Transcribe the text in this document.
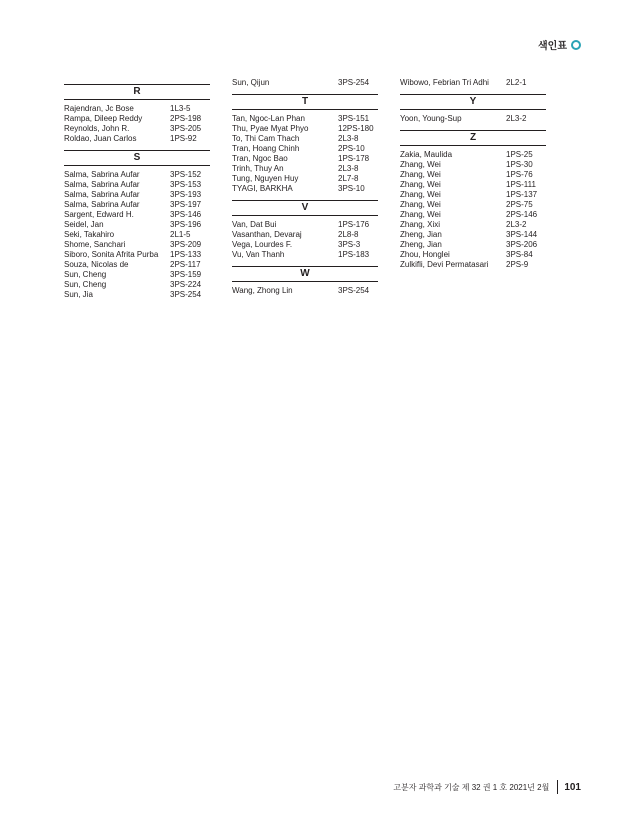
색인표
R
Rajendran, Jc Bose	1L3-5
Rampa, Dileep Reddy	2PS-198
Reynolds, John R.	3PS-205
Roldao, Juan Carlos	1PS-92
S
Salma, Sabrina Aufar	3PS-152
Salma, Sabrina Aufar	3PS-153
Salma, Sabrina Aufar	3PS-193
Salma, Sabrina Aufar	3PS-197
Sargent, Edward H.	3PS-146
Seidel, Jan	3PS-196
Seki, Takahiro	2L1-5
Shome, Sanchari	3PS-209
Siboro, Sonita Afrita Purba	1PS-133
Souza, Nicolas de	2PS-117
Sun, Cheng	3PS-159
Sun, Cheng	3PS-224
Sun, Jia	3PS-254
Sun, Qijun	3PS-254
T
Tan, Ngoc-Lan Phan	3PS-151
Thu, Pyae Myat Phyo	12PS-180
To, Thi Cam Thach	2L3-8
Tran, Hoang Chinh	2PS-10
Tran, Ngoc Bao	1PS-178
Trinh, Thuy An	2L3-8
Tung, Nguyen Huy	2L7-8
TYAGI, BARKHA	3PS-10
V
Van, Dat Bui	1PS-176
Vasanthan, Devaraj	2L8-8
Vega, Lourdes F.	3PS-3
Vu, Van Thanh	1PS-183
W
Wang, Zhong Lin	3PS-254
Wibowo, Febrian Tri Adhi	2L2-1
Y
Yoon, Young-Sup	2L3-2
Z
Zakia, Maulida	1PS-25
Zhang, Wei	1PS-30
Zhang, Wei	1PS-76
Zhang, Wei	1PS-111
Zhang, Wei	1PS-137
Zhang, Wei	2PS-75
Zhang, Wei	2PS-146
Zhang, Xixi	2L3-2
Zheng, Jian	3PS-144
Zheng, Jian	3PS-206
Zhou, Honglei	3PS-84
Zulkifli, Devi Permatasari	2PS-9
고분자 과학과 기술 제 32 권 1 호 2021년 2월 101
